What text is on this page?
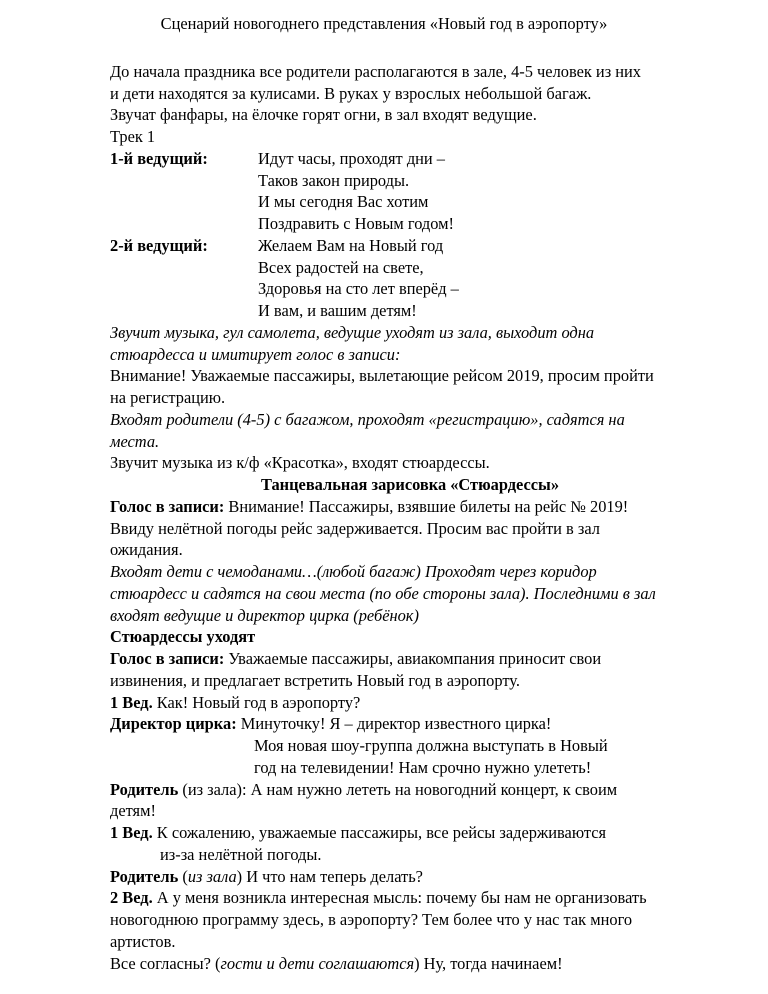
Сценарий новогоднего представления «Новый год в аэропорту»
До начала праздника все родители располагаются в зале, 4-5 человек из них
и дети находятся за кулисами. В руках у взрослых небольшой багаж.
Звучат фанфары, на ёлочке горят огни, в зал входят ведущие.
Трек 1
1-й ведущий:	Идут часы, проходят дни –
Таков закон природы.
И мы сегодня Вас хотим
Поздравить с Новым годом!
2-й ведущий:	Желаем Вам на Новый год
Всех радостей на свете,
Здоровья на сто лет вперёд –
И вам, и вашим детям!
Звучит музыка, гул самолета, ведущие уходят из зала, выходит одна
стюардесса и имитирует голос в записи:
Внимание! Уважаемые пассажиры, вылетающие рейсом 2019, просим пройти
на регистрацию.
Входят родители (4-5) с багажом, проходят «регистрацию», садятся на
места.
Звучит музыка из к/ф «Красотка», входят стюардессы.
Танцевальная зарисовка «Стюардессы»
Голос в записи: Внимание! Пассажиры, взявшие билеты на рейс № 2019!
Ввиду нелётной погоды рейс задерживается. Просим вас пройти в зал
ожидания.
Входят дети с чемоданами…(любой багаж) Проходят через коридор
стюардесс и садятся на свои места (по обе стороны зала). Последними в зал
входят ведущие и директор цирка (ребёнок)
Стюардессы уходят
Голос в записи: Уважаемые пассажиры, авиакомпания приносит свои
извинения, и предлагает встретить Новый год в аэропорту.
1 Вед. Как! Новый год в аэропорту?
Директор цирка: Минуточку! Я – директор известного цирка!
Моя новая шоу-группа должна выступать в Новый
год на телевидении! Нам срочно нужно улететь!
Родитель (из зала): А нам нужно лететь на новогодний концерт, к своим
детям!
1 Вед. К сожалению, уважаемые пассажиры, все рейсы задерживаются
из-за нелётной погоды.
Родитель (из зала) И что нам теперь делать?
2 Вед. А у меня возникла интересная мысль: почему бы нам не организовать
новогоднюю программу здесь, в аэропорту? Тем более что у нас так много
артистов.
Все согласны? (гости и дети соглашаются) Ну, тогда начинаем!
